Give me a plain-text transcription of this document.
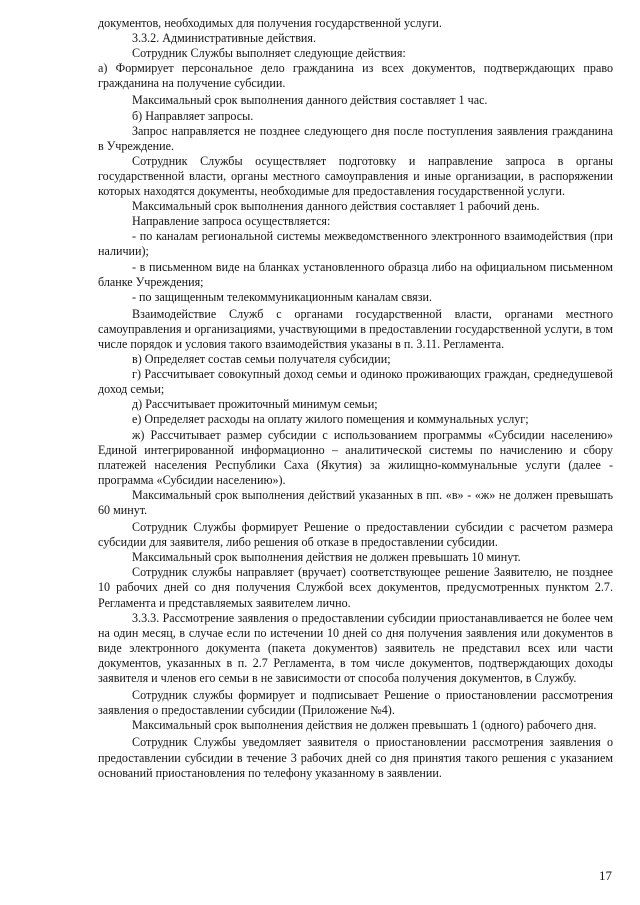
документов, необходимых для получения государственной услуги.

3.3.2. Административные действия.

Сотрудник Службы выполняет следующие действия:

а) Формирует персональное дело гражданина из всех документов, подтверждающих право гражданина на получение субсидии.

Максимальный срок выполнения данного действия составляет 1 час.

б) Направляет запросы.

Запрос направляется не позднее следующего дня после поступления заявления гражданина в Учреждение.

Сотрудник Службы осуществляет подготовку и направление запроса в органы государственной власти, органы местного самоуправления и иные организации, в распоряжении которых находятся документы, необходимые для предоставления государственной услуги.

Максимальный срок выполнения данного действия составляет 1 рабочий день.

Направление запроса осуществляется:

- по каналам региональной системы межведомственного электронного взаимодействия (при наличии);

- в письменном виде на бланках установленного образца либо на официальном письменном бланке Учреждения;

- по защищенным телекоммуникационным каналам связи.

Взаимодействие Служб с органами государственной власти, органами местного самоуправления и организациями, участвующими в предоставлении государственной услуги, в том числе порядок и условия такого взаимодействия указаны в п. 3.11. Регламента.

в) Определяет состав семьи получателя субсидии;

г) Рассчитывает совокупный доход семьи и одиноко проживающих граждан, среднедушевой доход семьи;

д) Рассчитывает прожиточный минимум семьи;

е) Определяет расходы на оплату жилого помещения и коммунальных услуг;

ж) Рассчитывает размер субсидии с использованием программы «Субсидии населению» Единой интегрированной информационно – аналитической системы по начислению и сбору платежей населения Республики Саха (Якутия) за жилищно-коммунальные услуги (далее - программа «Субсидии населению»).

Максимальный срок выполнения действий указанных в пп. «в» - «ж» не должен превышать 60 минут.

Сотрудник Службы формирует Решение о предоставлении субсидии с расчетом размера субсидии для заявителя, либо решения об отказе в предоставлении субсидии.

Максимальный срок выполнения действия не должен превышать 10 минут.

Сотрудник службы направляет (вручает) соответствующее решение Заявителю, не позднее 10 рабочих дней со дня получения Службой всех документов, предусмотренных пунктом 2.7. Регламента и представляемых заявителем лично.

3.3.3. Рассмотрение заявления о предоставлении субсидии приостанавливается не более чем на один месяц, в случае если по истечении 10 дней со дня получения заявления или документов в виде электронного документа (пакета документов) заявитель не представил всех или части документов, указанных в п. 2.7 Регламента, в том числе документов, подтверждающих доходы заявителя и членов его семьи в не зависимости от способа получения документов, в Службу.

Сотрудник службы формирует и подписывает Решение о приостановлении рассмотрения заявления о предоставлении субсидии (Приложение №4).

Максимальный срок выполнения действия не должен превышать 1 (одного) рабочего дня.

Сотрудник Службы уведомляет заявителя о приостановлении рассмотрения заявления о предоставлении субсидии в течение 3 рабочих дней со дня принятия такого решения с указанием оснований приостановления по телефону указанному в заявлении.

17
